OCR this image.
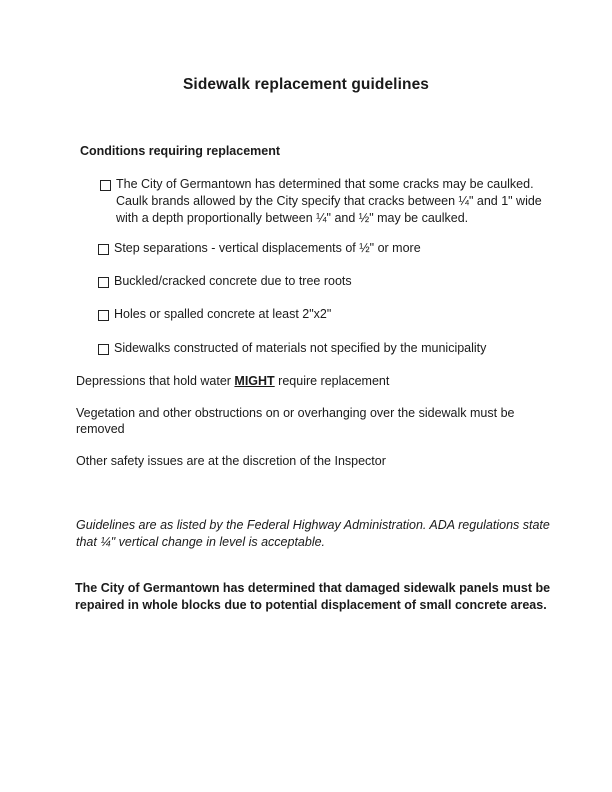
Sidewalk replacement guidelines
Conditions requiring replacement
The City of Germantown has determined that some cracks may be caulked.
Caulk brands allowed by the City specify that cracks between ¼" and 1" wide
with a depth proportionally between ¼" and ½" may be caulked.
Step separations - vertical displacements of ½" or more
Buckled/cracked concrete due to tree roots
Holes or spalled concrete at least 2"x2"
Sidewalks constructed of materials not specified by the municipality
Depressions that hold water MIGHT require replacement
Vegetation and other obstructions on or overhanging over the sidewalk must be
removed
Other safety issues are at the discretion of the Inspector
Guidelines are as listed by the Federal Highway Administration. ADA regulations state
that ¼" vertical change in level is acceptable.
The City of Germantown has determined that damaged sidewalk panels must be
repaired in whole blocks due to potential displacement of small concrete areas.
